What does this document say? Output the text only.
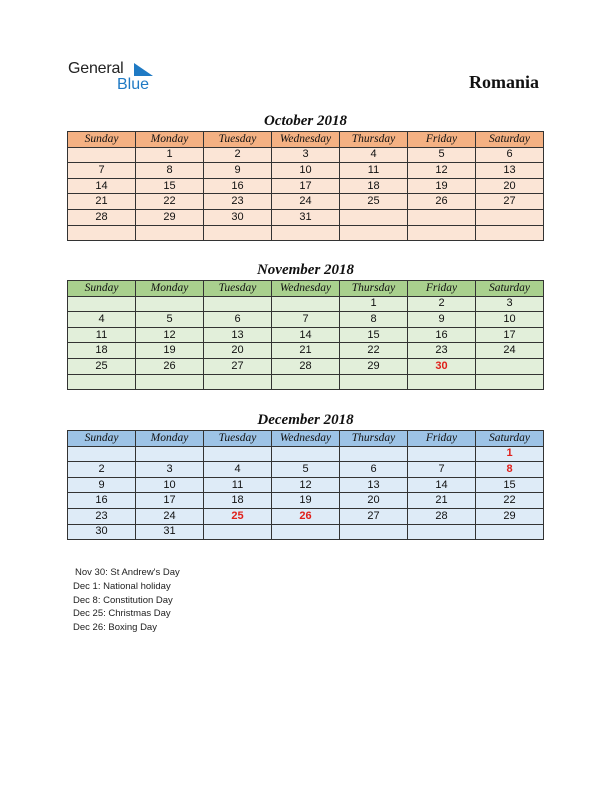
General
Blue	Romania
October 2018
Sunday	Monday	Tuesday	Wednesday	Thursday	Friday	Saturday
	1	2	3	4	5	6
7	8	9	10	11	12	13
14	15	16	17	18	19	20
21	22	23	24	25	26	27
28	29	30	31			

November 2018
Sunday	Monday	Tuesday	Wednesday	Thursday	Friday	Saturday
				1	2	3
4	5	6	7	8	9	10
11	12	13	14	15	16	17
18	19	20	21	22	23	24
25	26	27	28	29	30	

December 2018
Sunday	Monday	Tuesday	Wednesday	Thursday	Friday	Saturday
						1
2	3	4	5	6	7	8
9	10	11	12	13	14	15
16	17	18	19	20	21	22
23	24	25	26	27	28	29
30	31					
Nov 30: St Andrew's Day
Dec 1: National holiday
Dec 8: Constitution Day
Dec 25: Christmas Day
Dec 26: Boxing Day
